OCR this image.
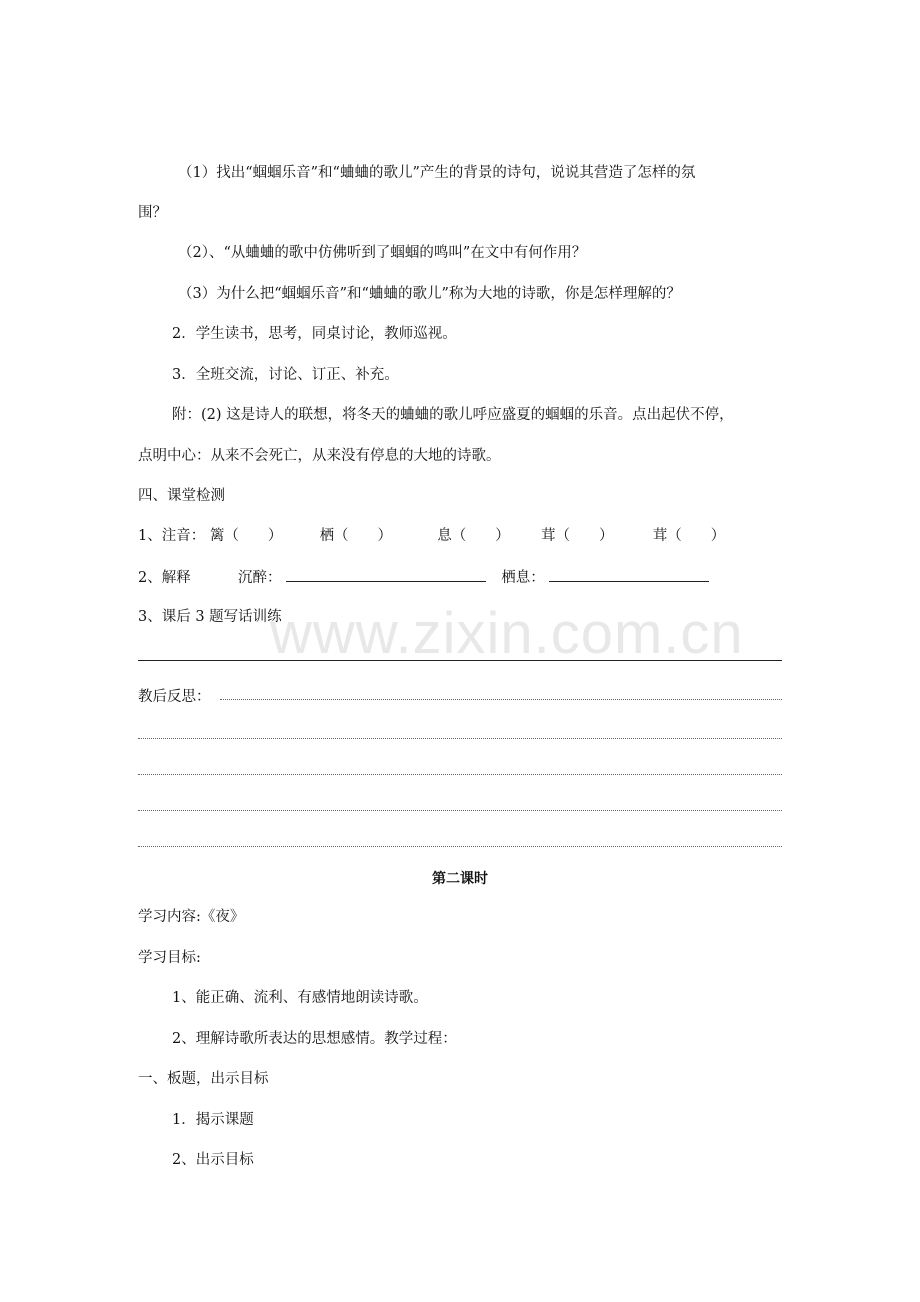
www.zixin.com.cn
（1）找出“蝈蝈乐音”和“蛐蛐的歌儿”产生的背景的诗句，说说其营造了怎样的氛
围？
（2）、“从蛐蛐的歌中仿佛听到了蝈蝈的鸣叫”在文中有何作用？
（3）为什么把“蝈蝈乐音”和“蛐蛐的歌儿”称为大地的诗歌，你是怎样理解的？
2．学生读书，思考，同桌讨论，教师巡视。
3．全班交流，讨论、订正、补充。
附：(2) 这是诗人的联想，将冬天的蛐蛐的歌儿呼应盛夏的蝈蝈的乐音。点出起伏不停，
点明中心：从来不会死亡，从来没有停息的大地的诗歌。
四、课堂检测
1、注音： 篱（　　）	栖（　　）	息（　　） 茸（　　）	茸（　　）
2、解释	沉醉：	栖息：
3、课后 3 题写话训练
教后反思：
第二课时
学习内容:《夜》
学习目标:
1、能正确、流利、有感情地朗读诗歌。
2、理解诗歌所表达的思想感情。教学过程：
一、板题，出示目标
1．揭示课题
2、出示目标
